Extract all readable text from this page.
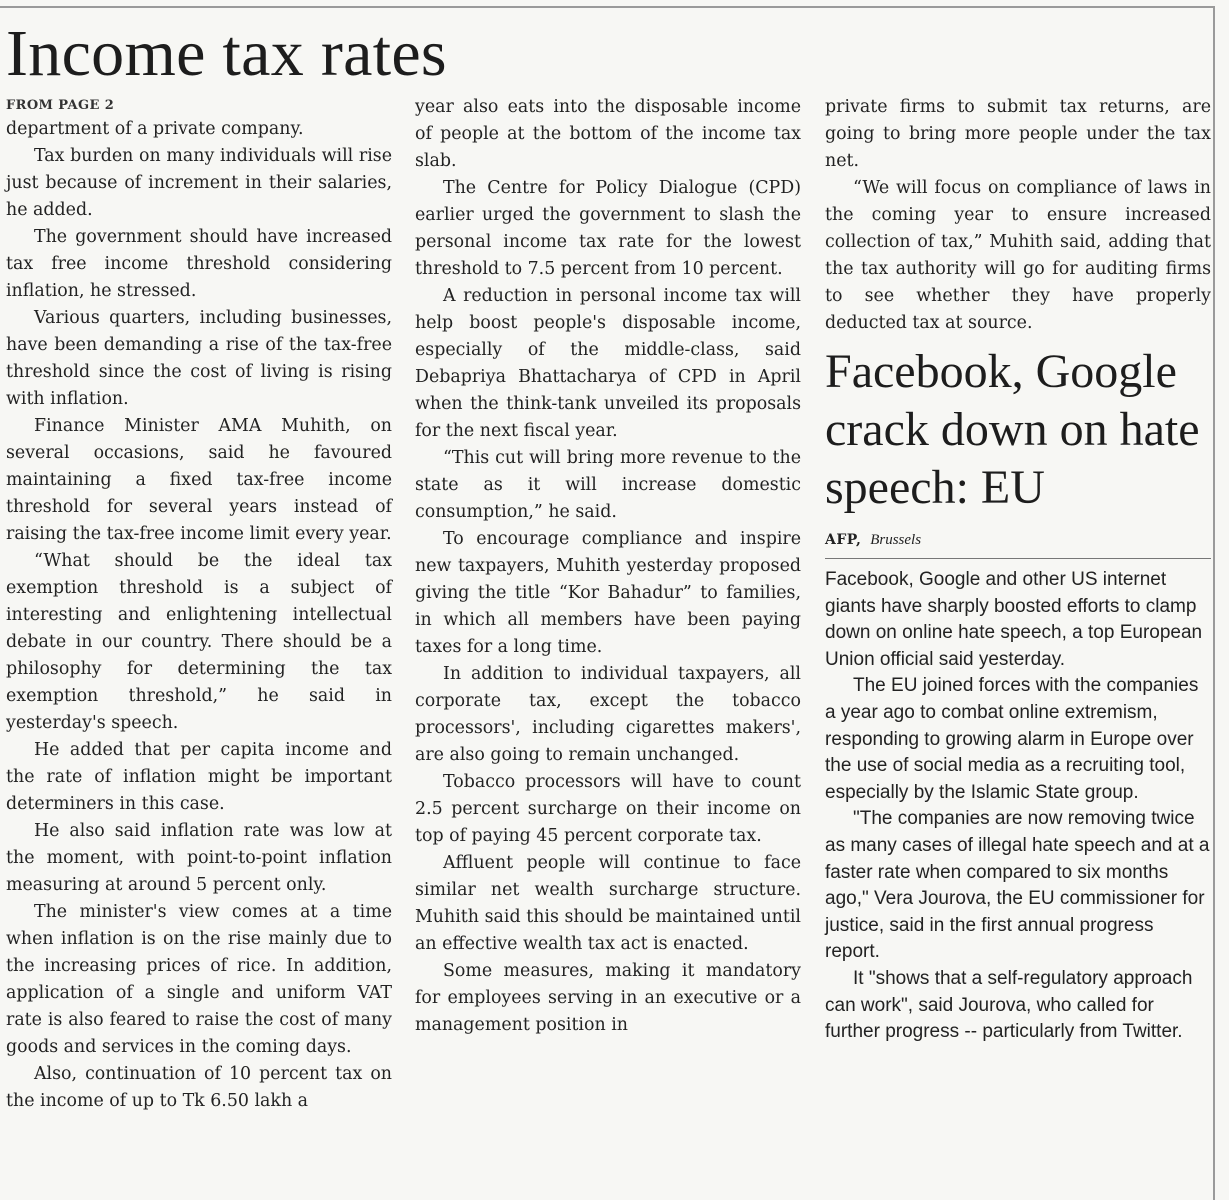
Income tax rates
FROM PAGE 2

department of a private company.

Tax burden on many individuals will rise just because of increment in their salaries, he added.

The government should have increased tax free income threshold considering inflation, he stressed.

Various quarters, including businesses, have been demanding a rise of the tax-free threshold since the cost of living is rising with inflation.

Finance Minister AMA Muhith, on several occasions, said he favoured maintaining a fixed tax-free income threshold for several years instead of raising the tax-free income limit every year.

“What should be the ideal tax exemption threshold is a subject of interesting and enlightening intellectual debate in our country. There should be a philosophy for determining the tax exemption threshold,” he said in yesterday's speech.

He added that per capita income and the rate of inflation might be important determiners in this case.

He also said inflation rate was low at the moment, with point-to-point inflation measuring at around 5 percent only.

The minister's view comes at a time when inflation is on the rise mainly due to the increasing prices of rice. In addition, application of a single and uniform VAT rate is also feared to raise the cost of many goods and services in the coming days.

Also, continuation of 10 percent tax on the income of up to Tk 6.50 lakh a

year also eats into the disposable income of people at the bottom of the income tax slab.

The Centre for Policy Dialogue (CPD) earlier urged the government to slash the personal income tax rate for the lowest threshold to 7.5 percent from 10 percent.

A reduction in personal income tax will help boost people's disposable income, especially of the middle-class, said Debapriya Bhattacharya of CPD in April when the think-tank unveiled its proposals for the next fiscal year.

“This cut will bring more revenue to the state as it will increase domestic consumption,” he said.

To encourage compliance and inspire new taxpayers, Muhith yesterday proposed giving the title “Kor Bahadur” to families, in which all members have been paying taxes for a long time.

In addition to individual taxpayers, all corporate tax, except the tobacco processors', including cigarettes makers', are also going to remain unchanged.

Tobacco processors will have to count 2.5 percent surcharge on their income on top of paying 45 percent corporate tax.

Affluent people will continue to face similar net wealth surcharge structure. Muhith said this should be maintained until an effective wealth tax act is enacted.

Some measures, making it mandatory for employees serving in an executive or a management position in

private firms to submit tax returns, are going to bring more people under the tax net.

“We will focus on compliance of laws in the coming year to ensure increased collection of tax,” Muhith said, adding that the tax authority will go for auditing firms to see whether they have properly deducted tax at source.

Facebook, Google crack down on hate speech: EU
AFP, Brussels

Facebook, Google and other US internet giants have sharply boosted efforts to clamp down on online hate speech, a top European Union official said yesterday.

The EU joined forces with the companies a year ago to combat online extremism, responding to growing alarm in Europe over the use of social media as a recruiting tool, especially by the Islamic State group.

"The companies are now removing twice as many cases of illegal hate speech and at a faster rate when compared to six months ago," Vera Jourova, the EU commissioner for justice, said in the first annual progress report.

It "shows that a self-regulatory approach can work", said Jourova, who called for further progress -- particularly from Twitter.
